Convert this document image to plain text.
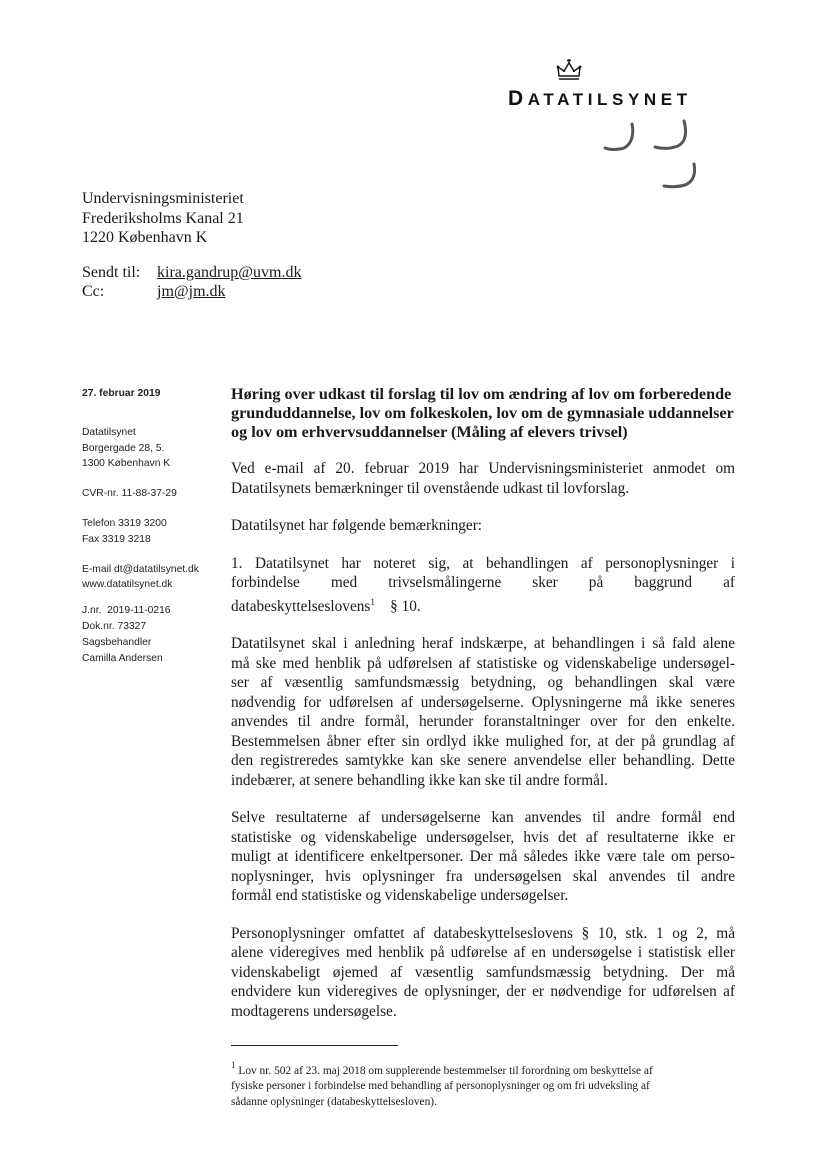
DATATILSYNET
Undervisningsministeriet
Frederiksholms Kanal 21
1220 København K
Sendt til:	kira.gandrup@uvm.dk
Cc:	jm@jm.dk
27. februar 2019
Datatilsynet
Borgergade 28, 5.
1300 København K
CVR-nr. 11-88-37-29
Telefon 3319 3200
Fax 3319 3218
E-mail dt@datatilsynet.dk
www.datatilsynet.dk
J.nr.  2019-11-0216
Dok.nr. 73327
Sagsbehandler
Camilla Andersen
Høring over udkast til forslag til lov om ændring af lov om forberedende
grunduddannelse, lov om folkeskolen, lov om de gymnasiale uddannelser
og lov om erhvervsuddannelser (Måling af elevers trivsel)

Ved e-mail af 20. februar 2019 har Undervisningsministeriet anmodet om
Datatilsynets bemærkninger til ovenstående udkast til lovforslag.

Datatilsynet har følgende bemærkninger:

1. Datatilsynet har noteret sig, at behandlingen af personoplysninger i
forbindelse med trivselsmålingerne sker på baggrund af
databeskyttelseslovens$^1$ § 10.

Datatilsynet skal i anledning heraf indskærpe, at behandlingen i så fald alene
må ske med henblik på udførelsen af statistiske og videnskabelige undersøgel-
ser af væsentlig samfundsmæssig betydning, og behandlingen skal være
nødvendig for udførelsen af undersøgelserne. Oplysningerne må ikke seneres
anvendes til andre formål, herunder foranstaltninger over for den enkelte.
Bestemmelsen åbner efter sin ordlyd ikke mulighed for, at der på grundlag af
den registreredes samtykke kan ske senere anvendelse eller behandling. Dette
indebærer, at senere behandling ikke kan ske til andre formål.

Selve resultaterne af undersøgelserne kan anvendes til andre formål end
statistiske og videnskabelige undersøgelser, hvis det af resultaterne ikke er
muligt at identificere enkeltpersoner. Der må således ikke være tale om perso-
noplysninger, hvis oplysninger fra undersøgelsen skal anvendes til andre
formål end statistiske og videnskabelige undersøgelser.

Personoplysninger omfattet af databeskyttelseslovens § 10, stk. 1 og 2, må
alene videregives med henblik på udførelse af en undersøgelse i statistisk eller
videnskabeligt øjemed af væsentlig samfundsmæssig betydning. Der må
endvidere kun videregives de oplysninger, der er nødvendige for udførelsen af
modtagerens undersøgelse.

$^1$ Lov nr. 502 af 23. maj 2018 om supplerende bestemmelser til forordning om beskyttelse af
fysiske personer i forbindelse med behandling af personoplysninger og om fri udveksling af
sådanne oplysninger (databeskyttelsesloven).
